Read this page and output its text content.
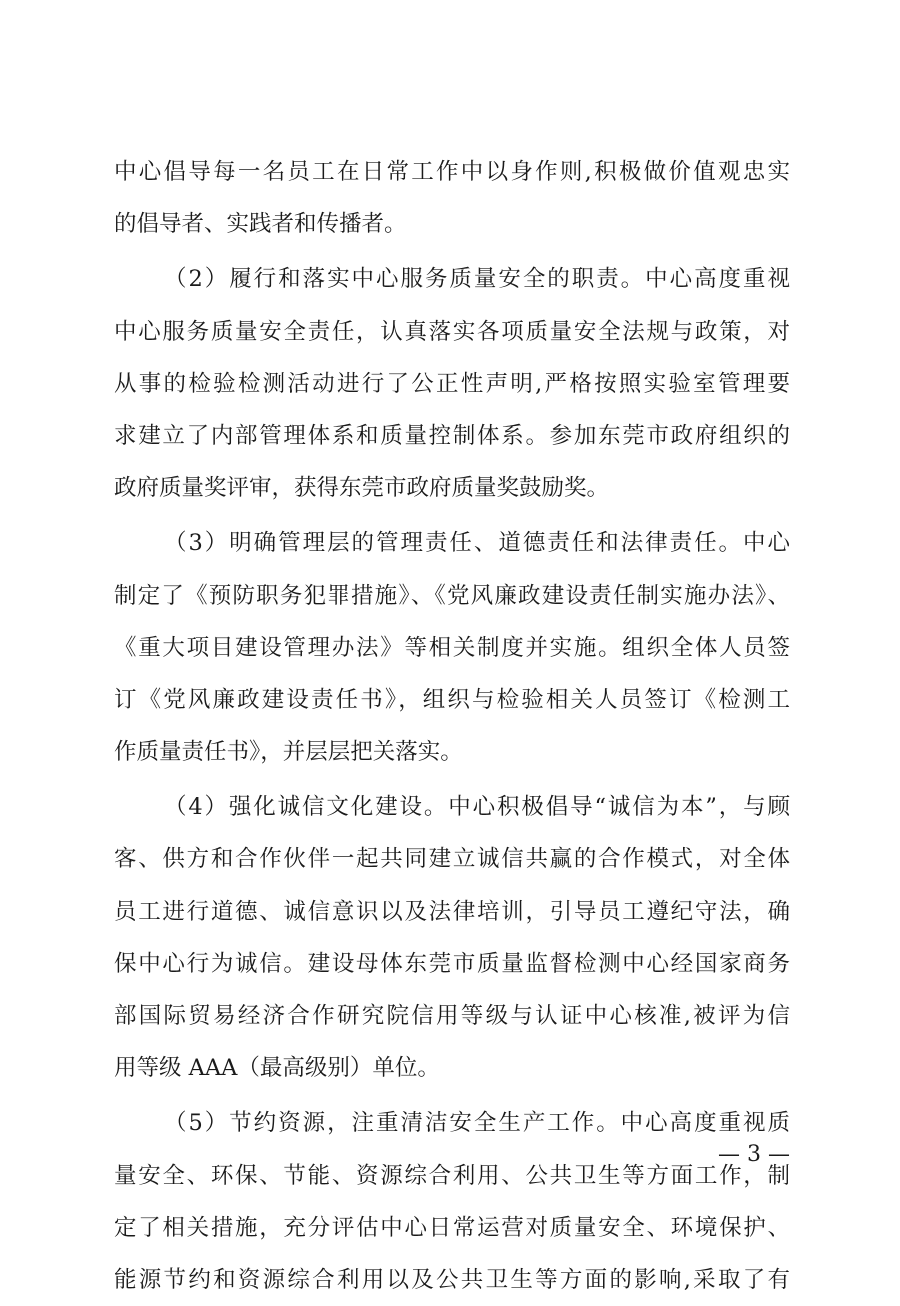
中心倡导每一名员工在日常工作中以身作则,积极做价值观忠实
的倡导者、实践者和传播者。
（2）履行和落实中心服务质量安全的职责。中心高度重视
中心服务质量安全责任，认真落实各项质量安全法规与政策，对
从事的检验检测活动进行了公正性声明,严格按照实验室管理要
求建立了内部管理体系和质量控制体系。参加东莞市政府组织的
政府质量奖评审，获得东莞市政府质量奖鼓励奖。
（3）明确管理层的管理责任、道德责任和法律责任。中心
制定了《预防职务犯罪措施》、《党风廉政建设责任制实施办法》、
《重大项目建设管理办法》等相关制度并实施。组织全体人员签
订《党风廉政建设责任书》，组织与检验相关人员签订《检测工
作质量责任书》，并层层把关落实。
（4）强化诚信文化建设。中心积极倡导“诚信为本”，与顾
客、供方和合作伙伴一起共同建立诚信共赢的合作模式，对全体
员工进行道德、诚信意识以及法律培训，引导员工遵纪守法，确
保中心行为诚信。建设母体东莞市质量监督检测中心经国家商务
部国际贸易经济合作研究院信用等级与认证中心核准,被评为信
用等级 AAA（最高级别）单位。
（5）节约资源，注重清洁安全生产工作。中心高度重视质
量安全、环保、节能、资源综合利用、公共卫生等方面工作，制
定了相关措施，充分评估中心日常运营对质量安全、环境保护、
能源节约和资源综合利用以及公共卫生等方面的影响,采取了有
— 3 —
